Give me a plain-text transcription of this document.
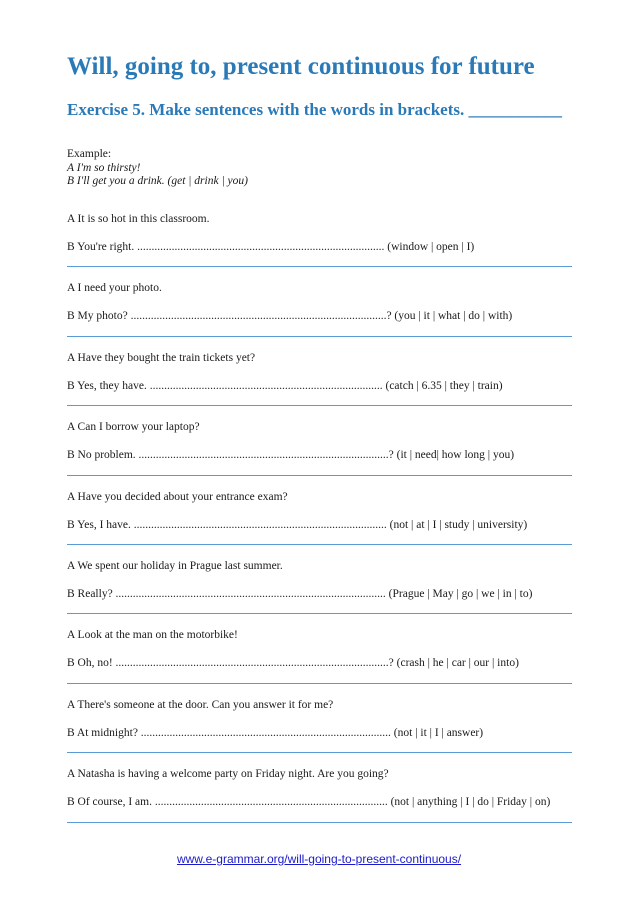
Will, going to, present continuous for future
Exercise 5. Make sentences with the words in brackets. ___________
Example:
A I'm so thirsty!
B I'll get you a drink. (get | drink | you)
A It is so hot in this classroom.
B You're right. ...................................................................................... (window | open | I)
A I need your photo.
B My photo? .........................................................................................? (you | it | what | do | with)
A Have they bought the train tickets yet?
B Yes, they have. ................................................................................. (catch | 6.35 | they | train)
A Can I borrow your laptop?
B No problem. .......................................................................................? (it | need| how long | you)
A Have you decided about your entrance exam?
B Yes, I have. ........................................................................................ (not | at | I | study | university)
A We spent our holiday in Prague last summer.
B Really? .............................................................................................. (Prague | May | go | we | in | to)
A Look at the man on the motorbike!
B Oh, no! ...............................................................................................? (crash | he | car | our | into)
A There's someone at the door. Can you answer it for me?
B At midnight? ....................................................................................... (not | it | I | answer)
A Natasha is having a welcome party on Friday night. Are you going?
B Of course, I am. ................................................................................. (not | anything | I | do | Friday | on)
www.e-grammar.org/will-going-to-present-continuous/
